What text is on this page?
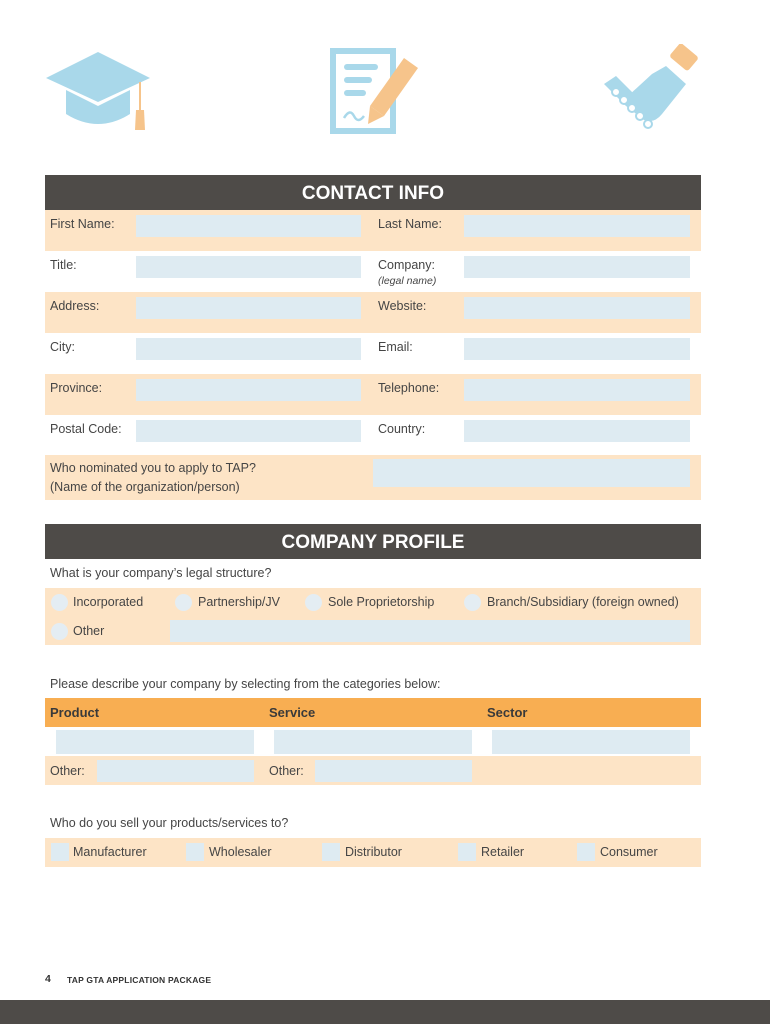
CONTACT INFO
First Name:	Last Name:
Title:	Company:
(legal name)
Address:	Website:
City:	Email:
Province:	Telephone:
Postal Code:	Country:
Who nominated you to apply to TAP?
(Name of the organization/person)
COMPANY PROFILE
What is your company’s legal structure?
Incorporated	Partnership/JV	Sole Proprietorship	Branch/Subsidiary (foreign owned)
Other
Please describe your company by selecting from the categories below:
Product	Service	Sector
Other:	Other:
Who do you sell your products/services to?
Manufacturer	Wholesaler	Distributor	Retailer	Consumer
4 TAP GTA APPLICATION PACKAGE
